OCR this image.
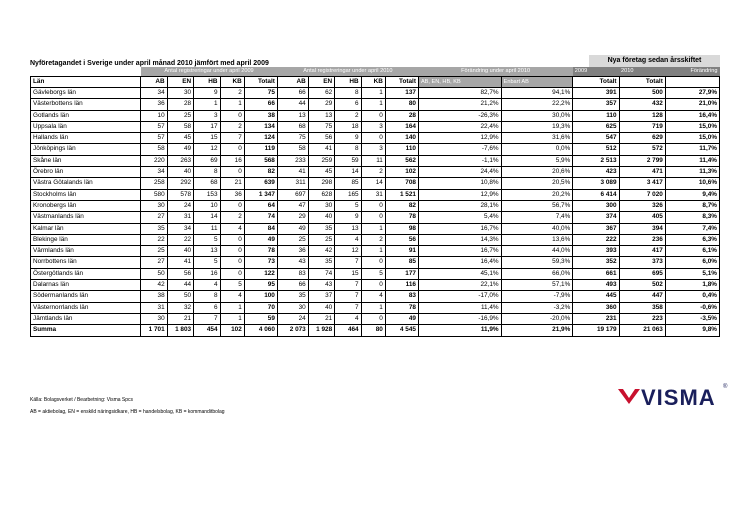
Nyföretagandet i Sverige under april månad 2010 jämfört med april 2009	Nya företag sedan årsskiftet
	Antal registreringar under april 2009					Antal registreringar under april 2010					Förändring under april 2010		2009	2010	Förändring
Län	AB	EN	HB	KB	Totalt	AB	EN	HB	KB	Totalt	AB, EN, HB, KB	Enbart AB	Totalt	Totalt	
Gävleborgs län	34	30	9	2	75	66	62	8	1	137	82,7%	94,1%	391	500	27,9%
Västerbottens län	36	28	1	1	66	44	29	6	1	80	21,2%	22,2%	357	432	21,0%
Gotlands län	10	25	3	0	38	13	13	2	0	28	-26,3%	30,0%	110	128	16,4%
Uppsala län	57	58	17	2	134	68	75	18	3	164	22,4%	19,3%	625	719	15,0%
Hallands län	57	45	15	7	124	75	56	9	0	140	12,9%	31,6%	547	629	15,0%
Jönköpings län	58	49	12	0	119	58	41	8	3	110	-7,6%	0,0%	512	572	11,7%
Skåne län	220	263	69	16	568	233	259	59	11	562	-1,1%	5,9%	2 513	2 799	11,4%
Örebro län	34	40	8	0	82	41	45	14	2	102	24,4%	20,6%	423	471	11,3%
Västra Götalands län	258	292	68	21	639	311	298	85	14	708	10,8%	20,5%	3 089	3 417	10,6%
Stockholms län	580	578	153	36	1 347	697	628	165	31	1 521	12,9%	20,2%	6 414	7 020	9,4%
Kronobergs län	30	24	10	0	64	47	30	5	0	82	28,1%	56,7%	300	326	8,7%
Västmanlands län	27	31	14	2	74	29	40	9	0	78	5,4%	7,4%	374	405	8,3%
Kalmar län	35	34	11	4	84	49	35	13	1	98	16,7%	40,0%	367	394	7,4%
Blekinge län	22	22	5	0	49	25	25	4	2	56	14,3%	13,6%	222	236	6,3%
Värmlands län	25	40	13	0	78	36	42	12	1	91	16,7%	44,0%	393	417	6,1%
Norrbottens län	27	41	5	0	73	43	35	7	0	85	16,4%	59,3%	352	373	6,0%
Östergötlands län	50	56	16	0	122	83	74	15	5	177	45,1%	66,0%	661	695	5,1%
Dalarnas län	42	44	4	5	95	66	43	7	0	116	22,1%	57,1%	493	502	1,8%
Södermanlands län	38	50	8	4	100	35	37	7	4	83	-17,0%	-7,9%	445	447	0,4%
Västernorrlands län	31	32	6	1	70	30	40	7	1	78	11,4%	-3,2%	360	358	-0,6%
Jämtlands län	30	21	7	1	59	24	21	4	0	49	-16,9%	-20,0%	231	223	-3,5%
Summa	1 701	1 803	454	102	4 060	2 073	1 928	464	80	4 545	11,9%	21,9%	19 179	21 063	9,8%
Källa: Bolagsverket / Bearbetning: Visma Spcs
AB = aktiebolag, EN = enskild näringsidkare, HB = handelsbolag, KB = kommanditbolag
VISMA ®
